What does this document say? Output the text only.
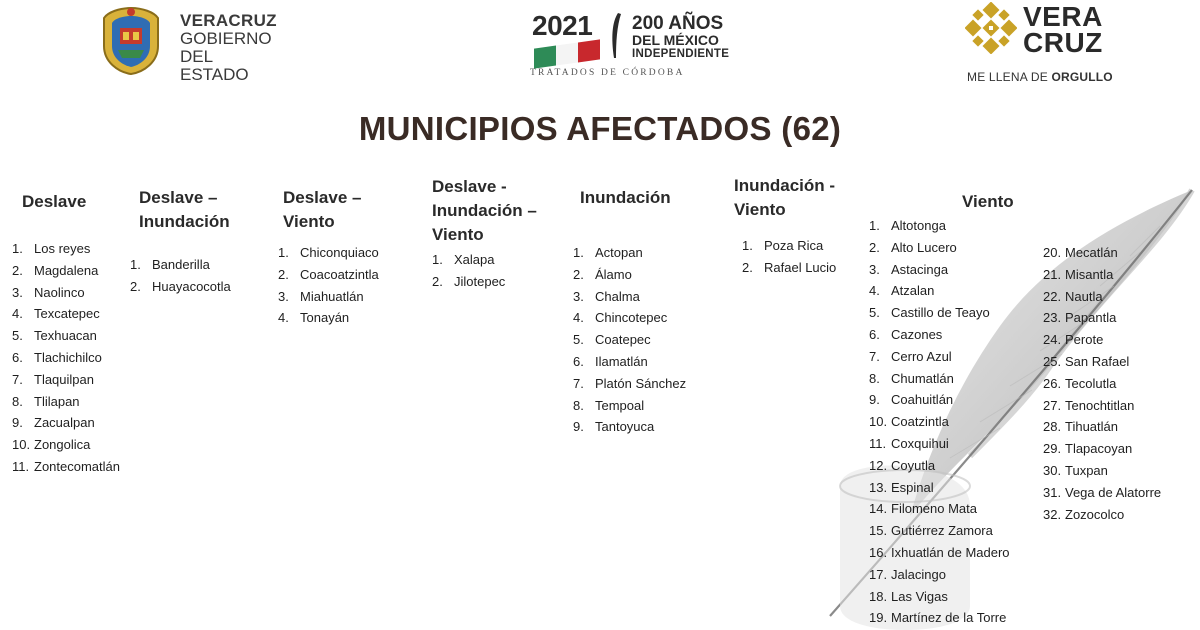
VERACRUZ
GOBIERNO
DEL ESTADO
2021 200 AÑOS
DEL MÉXICO
INDEPENDIENTE
TRATADOS DE CÓRDOBA
VERA
CRUZ
ME LLENA DE ORGULLO
MUNICIPIOS AFECTADOS (62)
Deslave
1. Los reyes
2. Magdalena
3. Naolinco
4. Texcatepec
5. Texhuacan
6. Tlachichilco
7. Tlaquilpan
8. Tlilapan
9. Zacualpan
10. Zongolica
11. Zontecomatlán
Deslave –
Inundación
1. Banderilla
2. Huayacocotla
Deslave –
Viento
1. Chiconquiaco
2. Coacoatzintla
3. Miahuatlán
4. Tonayán
Deslave -
Inundación –
Viento
1. Xalapa
2. Jilotepec
Inundación
1. Actopan
2. Álamo
3. Chalma
4. Chincotepec
5. Coatepec
6. Ilamatlán
7. Platón Sánchez
8. Tempoal
9. Tantoyuca
Inundación -
Viento
1. Poza Rica
2. Rafael Lucio
Viento
1. Altotonga
2. Alto Lucero
3. Astacinga
4. Atzalan
5. Castillo de Teayo
6. Cazones
7. Cerro Azul
8. Chumatlán
9. Coahuitlán
10. Coatzintla
11. Coxquihui
12. Coyutla
13. Espinal
14. Filomeno Mata
15. Gutiérrez Zamora
16. Ixhuatlán de Madero
17. Jalacingo
18. Las Vigas
19. Martínez de la Torre
20. Mecatlán
21. Misantla
22. Nautla
23. Papantla
24. Perote
25. San Rafael
26. Tecolutla
27. Tenochtitlan
28. Tihuatlán
29. Tlapacoyan
30. Tuxpan
31. Vega de Alatorre
32. Zozocolco
